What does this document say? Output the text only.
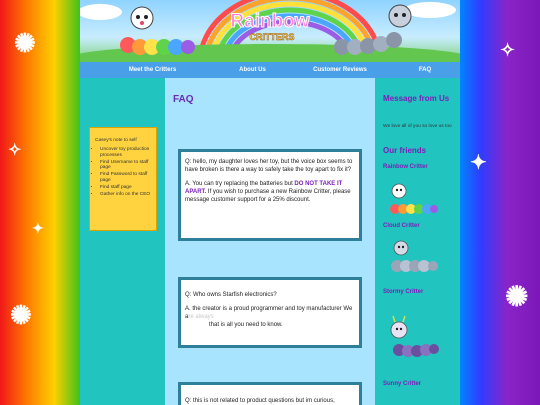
✺
✧
✦
✺
✧
✦
✺
Rainbow
CRITTERS
Meet the Critters	About Us	Customer Reviews	FAQ
Casey's note to self
• Uncover toy production processes
• Find Username to staff page
• Find Password to staff page
• Find staff page
• Gather info on the CEO
FAQ

Q: hello, my daughter loves her toy, but the voice box seems to have broken is there a way to safely take the toy apart to fix it?

A. You can try replacing the batteries but DO NOT TAKE IT APART. If you wish to purchase a new Rainbow Critter, please message customer support for a 25% discount.

Q: Who owns Starfish electronics?

A. the creator is a proud programmer and toy manufacturer We are always
that is all you need to know.

Q: this is not related to product questions but im curious,

Message from Us
We love all of you so love us too
Our friends
Rainbow Critter
Cloud Critter
Stormy Critter
Sunny Critter
